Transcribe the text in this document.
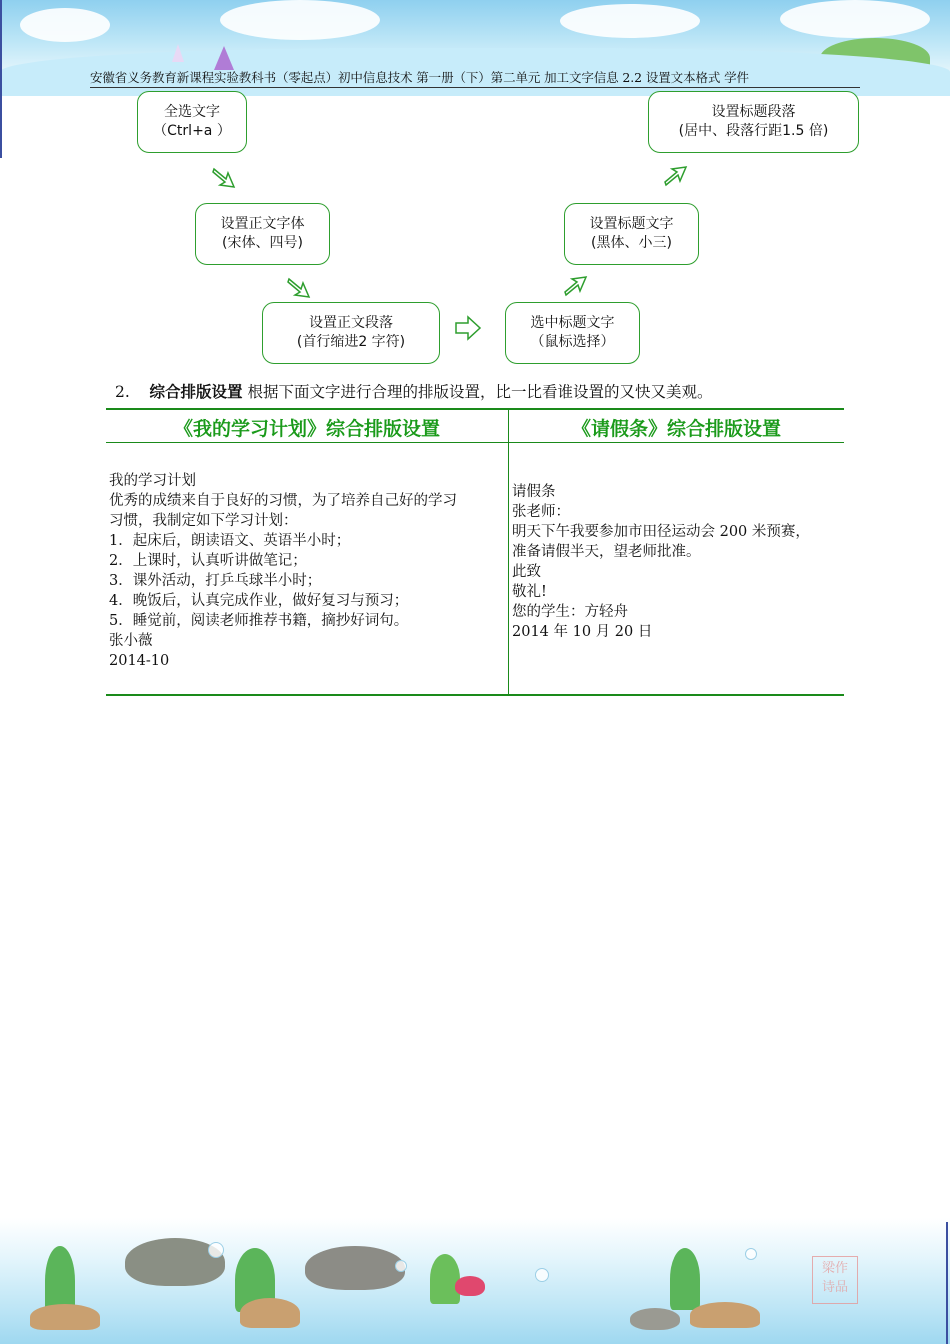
安徽省义务教育新课程实验教科书（零起点）初中信息技术 第一册（下）第二单元 加工文字信息 2.2 设置文本格式 学件
全选文字
（Ctrl+a ）
设置正文字体
(宋体、四号)
设置正文段落
(首行缩进2 字符)
选中标题文字
（鼠标选择）
设置标题文字
(黑体、小三)
设置标题段落
(居中、段落行距1.5 倍)
2. 综合排版设置 根据下面文字进行合理的排版设置，比一比看谁设置的又快又美观。
《我的学习计划》综合排版设置	《请假条》综合排版设置
我的学习计划
优秀的成绩来自于良好的习惯，为了培养自己好的学习
习惯，我制定如下学习计划：
1．起床后，朗读语文、英语半小时；
2．上课时，认真听讲做笔记；
3．课外活动，打乒乓球半小时；
4．晚饭后，认真完成作业，做好复习与预习；
5．睡觉前，阅读老师推荐书籍，摘抄好词句。
张小薇
2014-10
请假条
张老师：
明天下午我要参加市田径运动会 200 米预赛，
准备请假半天，望老师批准。
此致
敬礼!
您的学生：方轻舟
2014 年 10 月 20 日
梁作诗品
